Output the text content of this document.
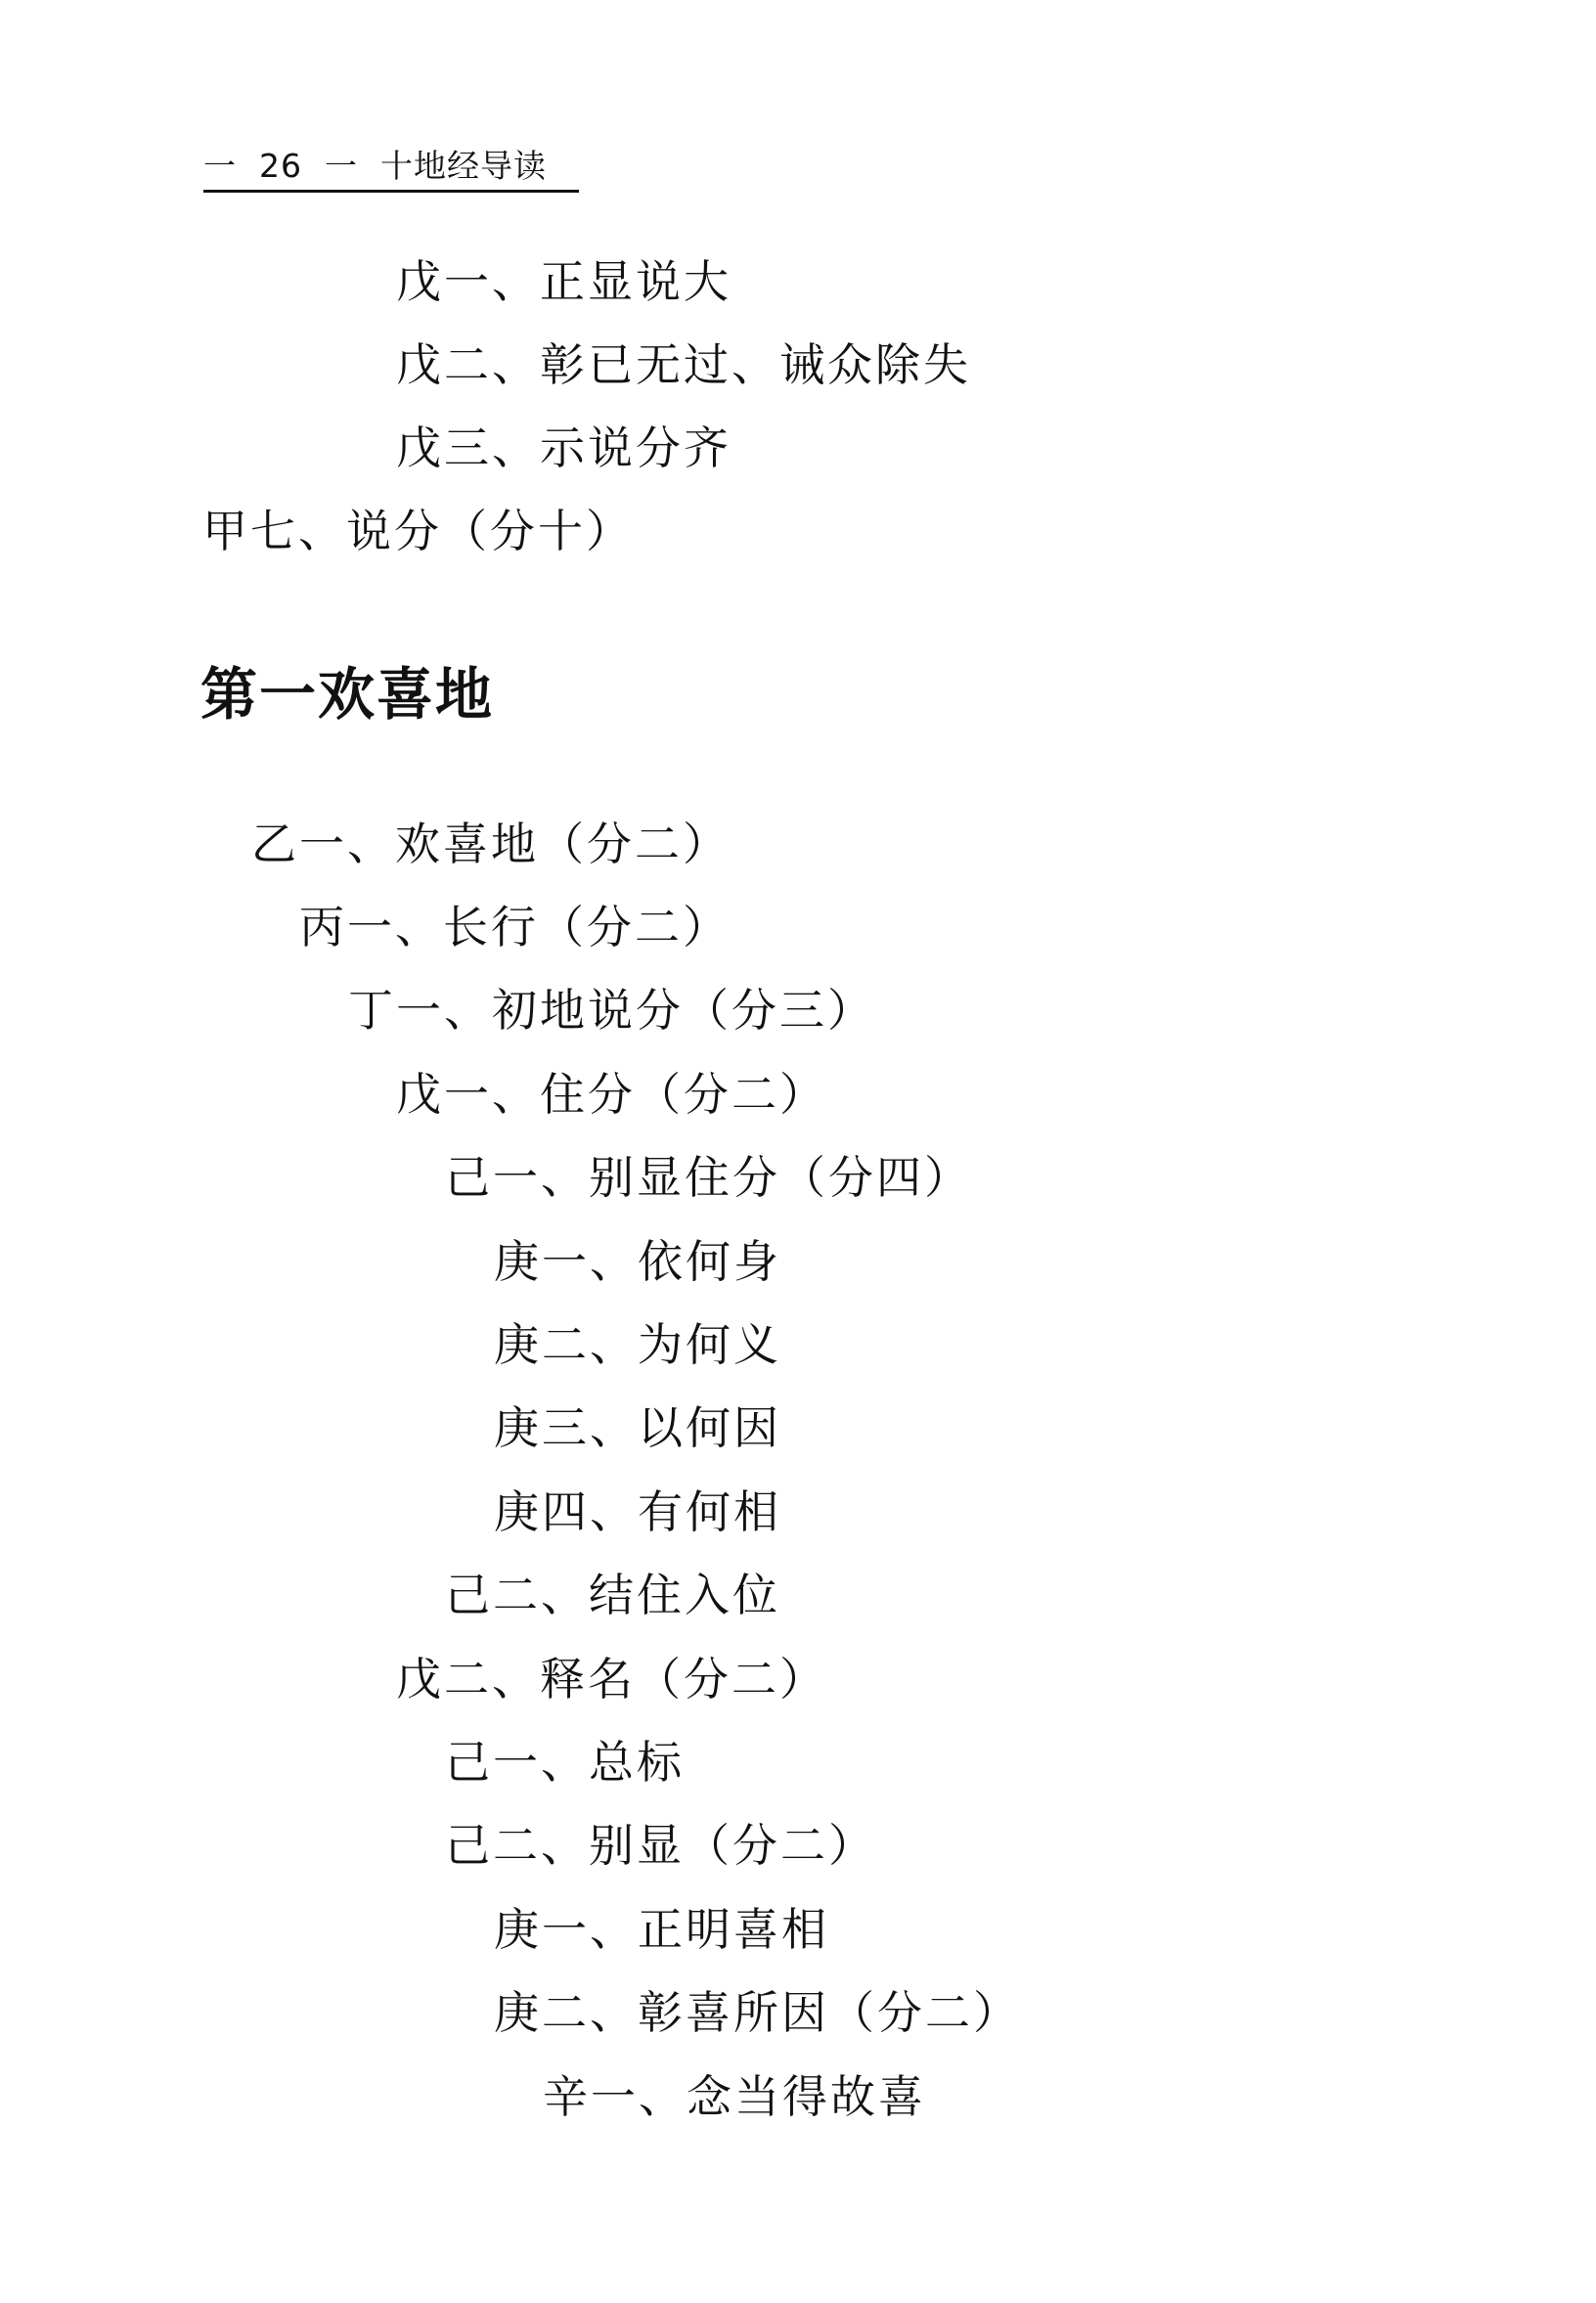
一  26  一 十地经导读
戊一、正显说大
戊二、彰已无过、诫众除失
戊三、示说分齐
甲七、说分（分十）
第一欢喜地
乙一、欢喜地（分二）
丙一、长行（分二）
丁一、初地说分（分三）
戊一、住分（分二）
己一、别显住分（分四）
庚一、依何身
庚二、为何义
庚三、以何因
庚四、有何相
己二、结住入位
戊二、释名（分二）
己一、总标
己二、别显（分二）
庚一、正明喜相
庚二、彰喜所因（分二）
辛一、念当得故喜
